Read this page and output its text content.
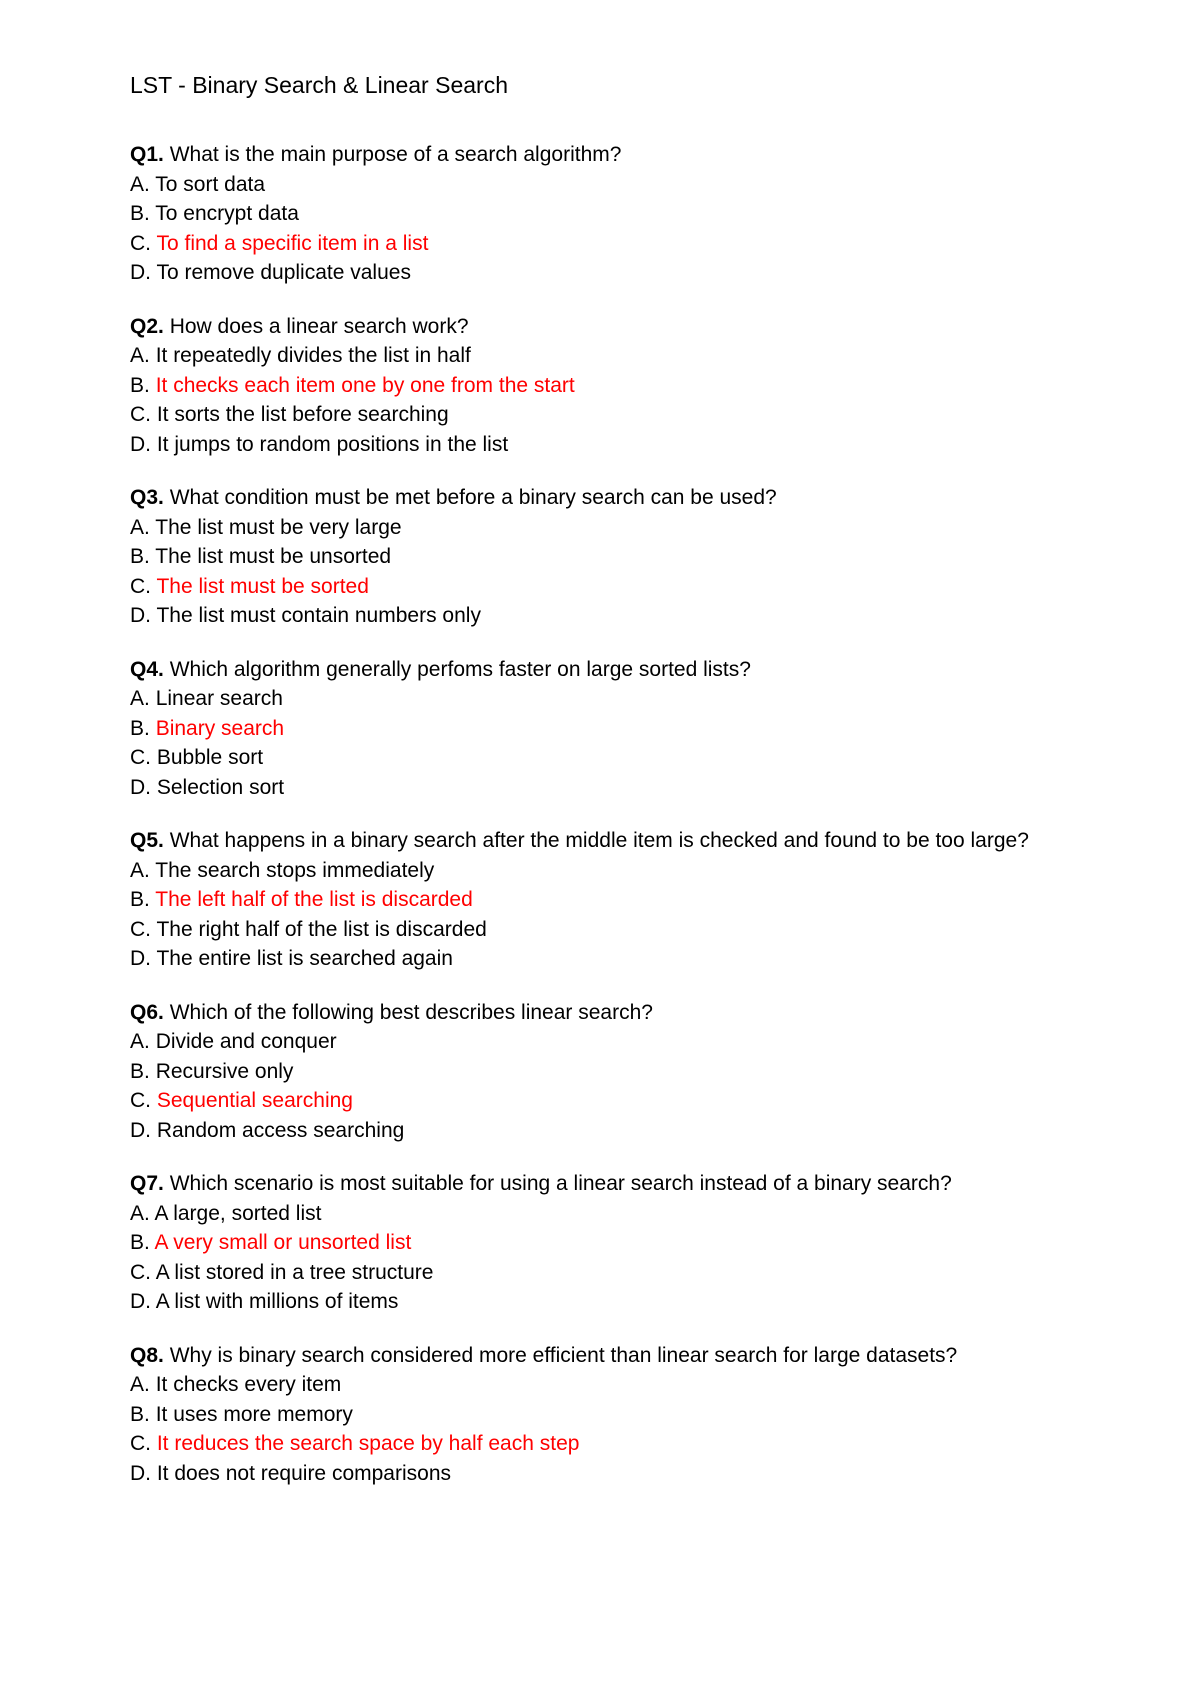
LST - Binary Search & Linear Search
Q1. What is the main purpose of a search algorithm?
A. To sort data
B. To encrypt data
C. To find a specific item in a list
D. To remove duplicate values
Q2. How does a linear search work?
A. It repeatedly divides the list in half
B. It checks each item one by one from the start
C. It sorts the list before searching
D. It jumps to random positions in the list
Q3. What condition must be met before a binary search can be used?
A. The list must be very large
B. The list must be unsorted
C. The list must be sorted
D. The list must contain numbers only
Q4. Which algorithm generally perfoms faster on large sorted lists?
A. Linear search
B. Binary search
C. Bubble sort
D. Selection sort
Q5. What happens in a binary search after the middle item is checked and found to be too large?
A. The search stops immediately
B. The left half of the list is discarded
C. The right half of the list is discarded
D. The entire list is searched again
Q6. Which of the following best describes linear search?
A. Divide and conquer
B. Recursive only
C. Sequential searching
D. Random access searching
Q7. Which scenario is most suitable for using a linear search instead of a binary search?
A. A large, sorted list
B. A very small or unsorted list
C. A list stored in a tree structure
D. A list with millions of items
Q8. Why is binary search considered more efficient than linear search for large datasets?
A. It checks every item
B. It uses more memory
C. It reduces the search space by half each step
D. It does not require comparisons
